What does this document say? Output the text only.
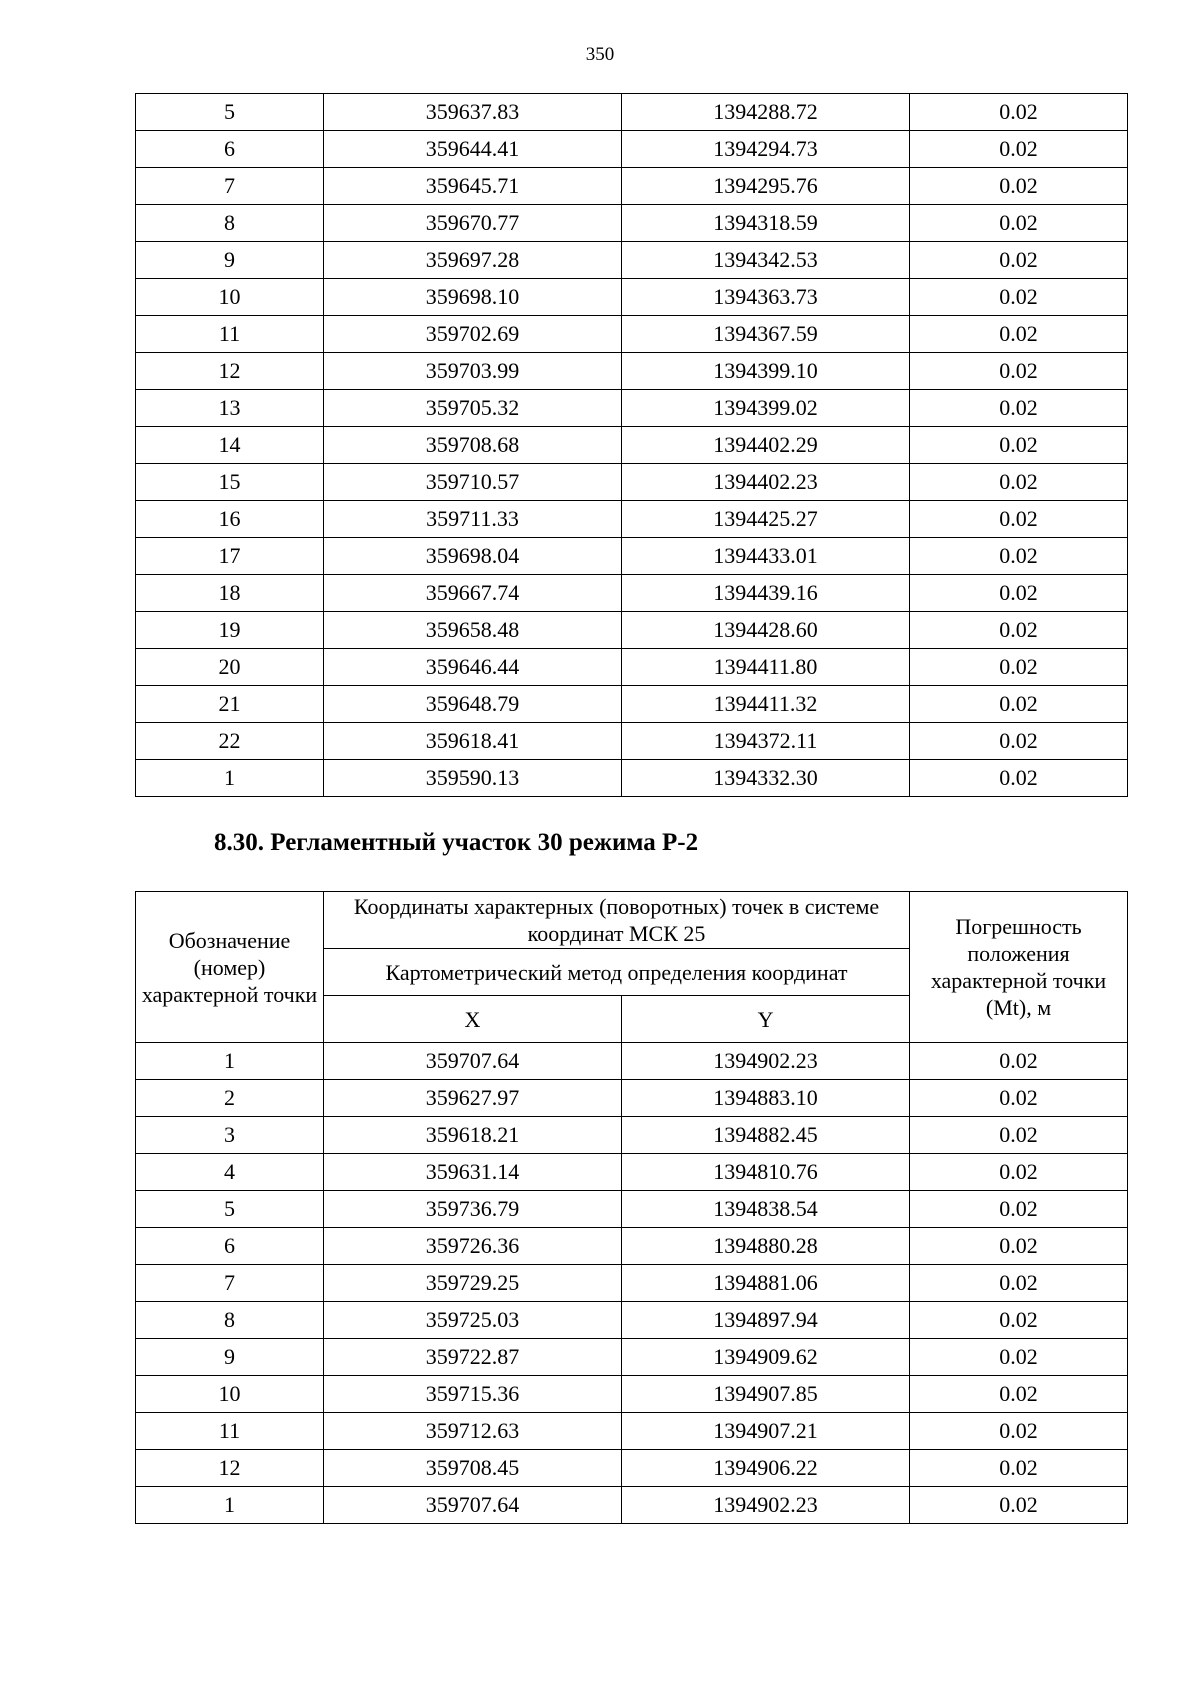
350
5	359637.83	1394288.72	0.02
6	359644.41	1394294.73	0.02
7	359645.71	1394295.76	0.02
8	359670.77	1394318.59	0.02
9	359697.28	1394342.53	0.02
10	359698.10	1394363.73	0.02
11	359702.69	1394367.59	0.02
12	359703.99	1394399.10	0.02
13	359705.32	1394399.02	0.02
14	359708.68	1394402.29	0.02
15	359710.57	1394402.23	0.02
16	359711.33	1394425.27	0.02
17	359698.04	1394433.01	0.02
18	359667.74	1394439.16	0.02
19	359658.48	1394428.60	0.02
20	359646.44	1394411.80	0.02
21	359648.79	1394411.32	0.02
22	359618.41	1394372.11	0.02
1	359590.13	1394332.30	0.02
8.30. Регламентный участок 30 режима Р-2
Обозначение (номер) характерной точки	Координаты характерных (поворотных) точек в системе координат МСК 25		Погрешность положения характерной точки (Mt), м
	Картометрический метод определения координат		
	X	Y	
1	359707.64	1394902.23	0.02
2	359627.97	1394883.10	0.02
3	359618.21	1394882.45	0.02
4	359631.14	1394810.76	0.02
5	359736.79	1394838.54	0.02
6	359726.36	1394880.28	0.02
7	359729.25	1394881.06	0.02
8	359725.03	1394897.94	0.02
9	359722.87	1394909.62	0.02
10	359715.36	1394907.85	0.02
11	359712.63	1394907.21	0.02
12	359708.45	1394906.22	0.02
1	359707.64	1394902.23	0.02
